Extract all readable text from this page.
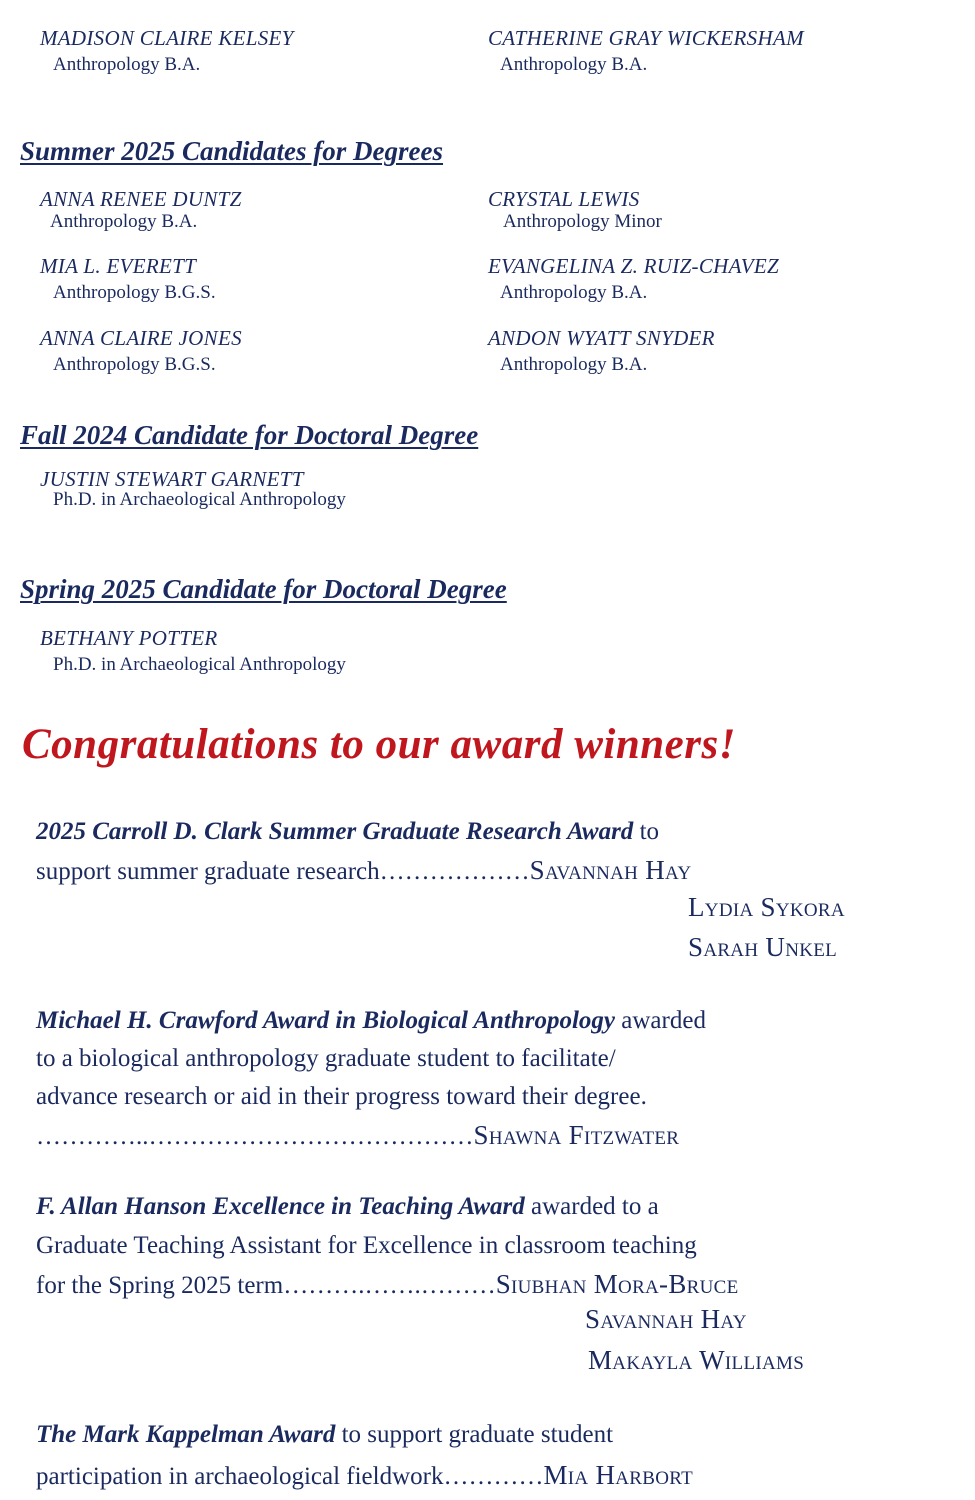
MADISON CLAIRE KELSEY
Anthropology B.A.
CATHERINE GRAY WICKERSHAM
Anthropology B.A.
Summer 2025 Candidates for Degrees
ANNA RENEE DUNTZ
Anthropology B.A.
CRYSTAL LEWIS
Anthropology Minor
MIA L. EVERETT
Anthropology B.G.S.
EVANGELINA Z. RUIZ-CHAVEZ
Anthropology B.A.
ANNA CLAIRE JONES
Anthropology B.G.S.
ANDON WYATT SNYDER
Anthropology B.A.
Fall 2024 Candidate for Doctoral Degree
JUSTIN STEWART GARNETT
Ph.D. in Archaeological Anthropology
Spring 2025 Candidate for Doctoral Degree
BETHANY POTTER
Ph.D. in Archaeological Anthropology
Congratulations to our award winners!
2025 Carroll D. Clark Summer Graduate Research Award to
support summer graduate research………………Savannah Hay
Lydia Sykora
Sarah Unkel
Michael H. Crawford Award in Biological Anthropology awarded
to a biological anthropology graduate student to facilitate/
advance research or aid in their progress toward their degree.
…………..…………………………………Shawna Fitzwater
F. Allan Hanson Excellence in Teaching Award awarded to a
Graduate Teaching Assistant for Excellence in classroom teaching
for the Spring 2025 term……….…….………Siubhan Mora-Bruce
Savannah Hay
Makayla Williams
The Mark Kappelman Award to support graduate student
participation in archaeological fieldwork…………Mia Harbort
